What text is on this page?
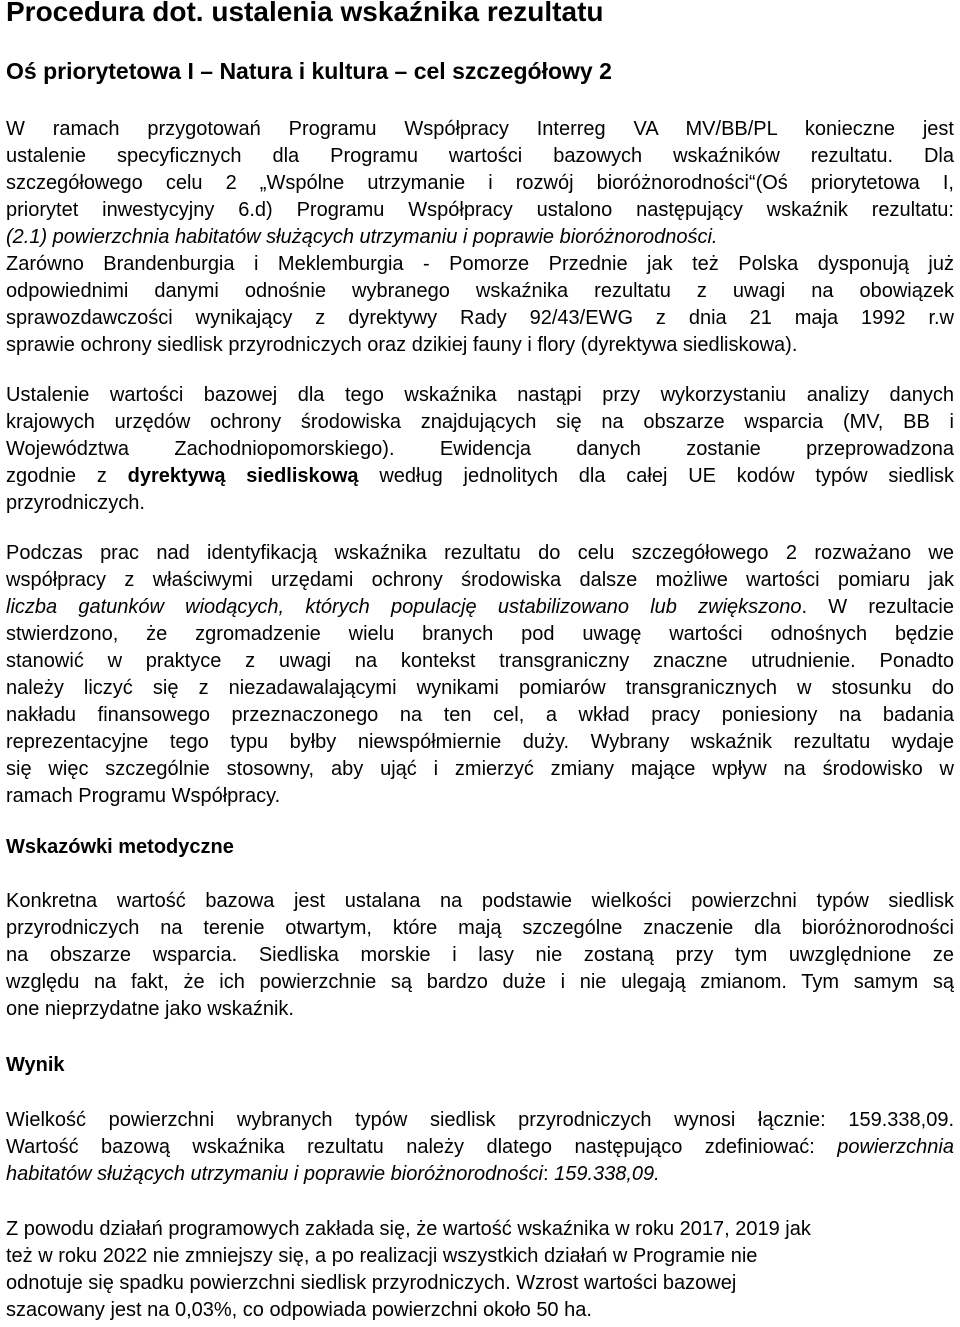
Procedura dot. ustalenia wskaźnika rezultatu
Oś priorytetowa I – Natura i kultura – cel szczegółowy 2
W ramach przygotowań Programu Współpracy Interreg VA MV/BB/PL konieczne jest
ustalenie specyficznych dla Programu wartości bazowych wskaźników rezultatu. Dla
szczegółowego celu 2 „Wspólne utrzymanie i rozwój bioróżnorodności“(Oś priorytetowa I,
priorytet inwestycyjny 6.d) Programu Współpracy ustalono następujący wskaźnik rezultatu:
(2.1) powierzchnia habitatów służących utrzymaniu i poprawie bioróżnorodności.
Zarówno Brandenburgia i Meklemburgia - Pomorze Przednie jak też Polska dysponują już
odpowiednimi danymi odnośnie wybranego wskaźnika rezultatu z uwagi na obowiązek
sprawozdawczości wynikający z dyrektywy Rady 92/43/EWG z dnia 21 maja 1992 r.w
sprawie ochrony siedlisk przyrodniczych oraz dzikiej fauny i flory (dyrektywa siedliskowa).
Ustalenie wartości bazowej dla tego wskaźnika nastąpi przy wykorzystaniu analizy danych
krajowych urzędów ochrony środowiska znajdujących się na obszarze wsparcia (MV, BB i
Województwa Zachodniopomorskiego). Ewidencja danych zostanie przeprowadzona
zgodnie z dyrektywą siedliskową według jednolitych dla całej UE kodów typów siedlisk
przyrodniczych.
Podczas prac nad identyfikacją wskaźnika rezultatu do celu szczegółowego 2 rozważano we
współpracy z właściwymi urzędami ochrony środowiska dalsze możliwe wartości pomiaru jak
liczba gatunków wiodących, których populację ustabilizowano lub zwiększono. W rezultacie
stwierdzono, że zgromadzenie wielu branych pod uwagę wartości odnośnych będzie
stanowić w praktyce z uwagi na kontekst transgraniczny znaczne utrudnienie. Ponadto
należy liczyć się z niezadawalającymi wynikami pomiarów transgranicznych w stosunku do
nakładu finansowego przeznaczonego na ten cel, a wkład pracy poniesiony na badania
reprezentacyjne tego typu byłby niewspółmiernie duży. Wybrany wskaźnik rezultatu wydaje
się więc szczególnie stosowny, aby ująć i zmierzyć zmiany mające wpływ na środowisko w
ramach Programu Współpracy.
Wskazówki metodyczne
Konkretna wartość bazowa jest ustalana na podstawie wielkości powierzchni typów siedlisk
przyrodniczych na terenie otwartym, które mają szczególne znaczenie dla bioróżnorodności
na obszarze wsparcia. Siedliska morskie i lasy nie zostaną przy tym uwzględnione ze
względu na fakt, że ich powierzchnie są bardzo duże i nie ulegają zmianom. Tym samym są
one nieprzydatne jako wskaźnik.
Wynik
Wielkość powierzchni wybranych typów siedlisk przyrodniczych wynosi łącznie: 159.338,09.
Wartość bazową wskaźnika rezultatu należy dlatego następująco zdefiniować: powierzchnia
habitatów służących utrzymaniu i poprawie bioróżnorodności: 159.338,09.
Z powodu działań programowych zakłada się, że wartość wskaźnika w roku 2017, 2019 jak
też w roku 2022 nie zmniejszy się, a po realizacji wszystkich działań w Programie nie
odnotuje się spadku powierzchni siedlisk przyrodniczych. Wzrost wartości bazowej
szacowany jest na 0,03%, co odpowiada powierzchni około 50 ha.
